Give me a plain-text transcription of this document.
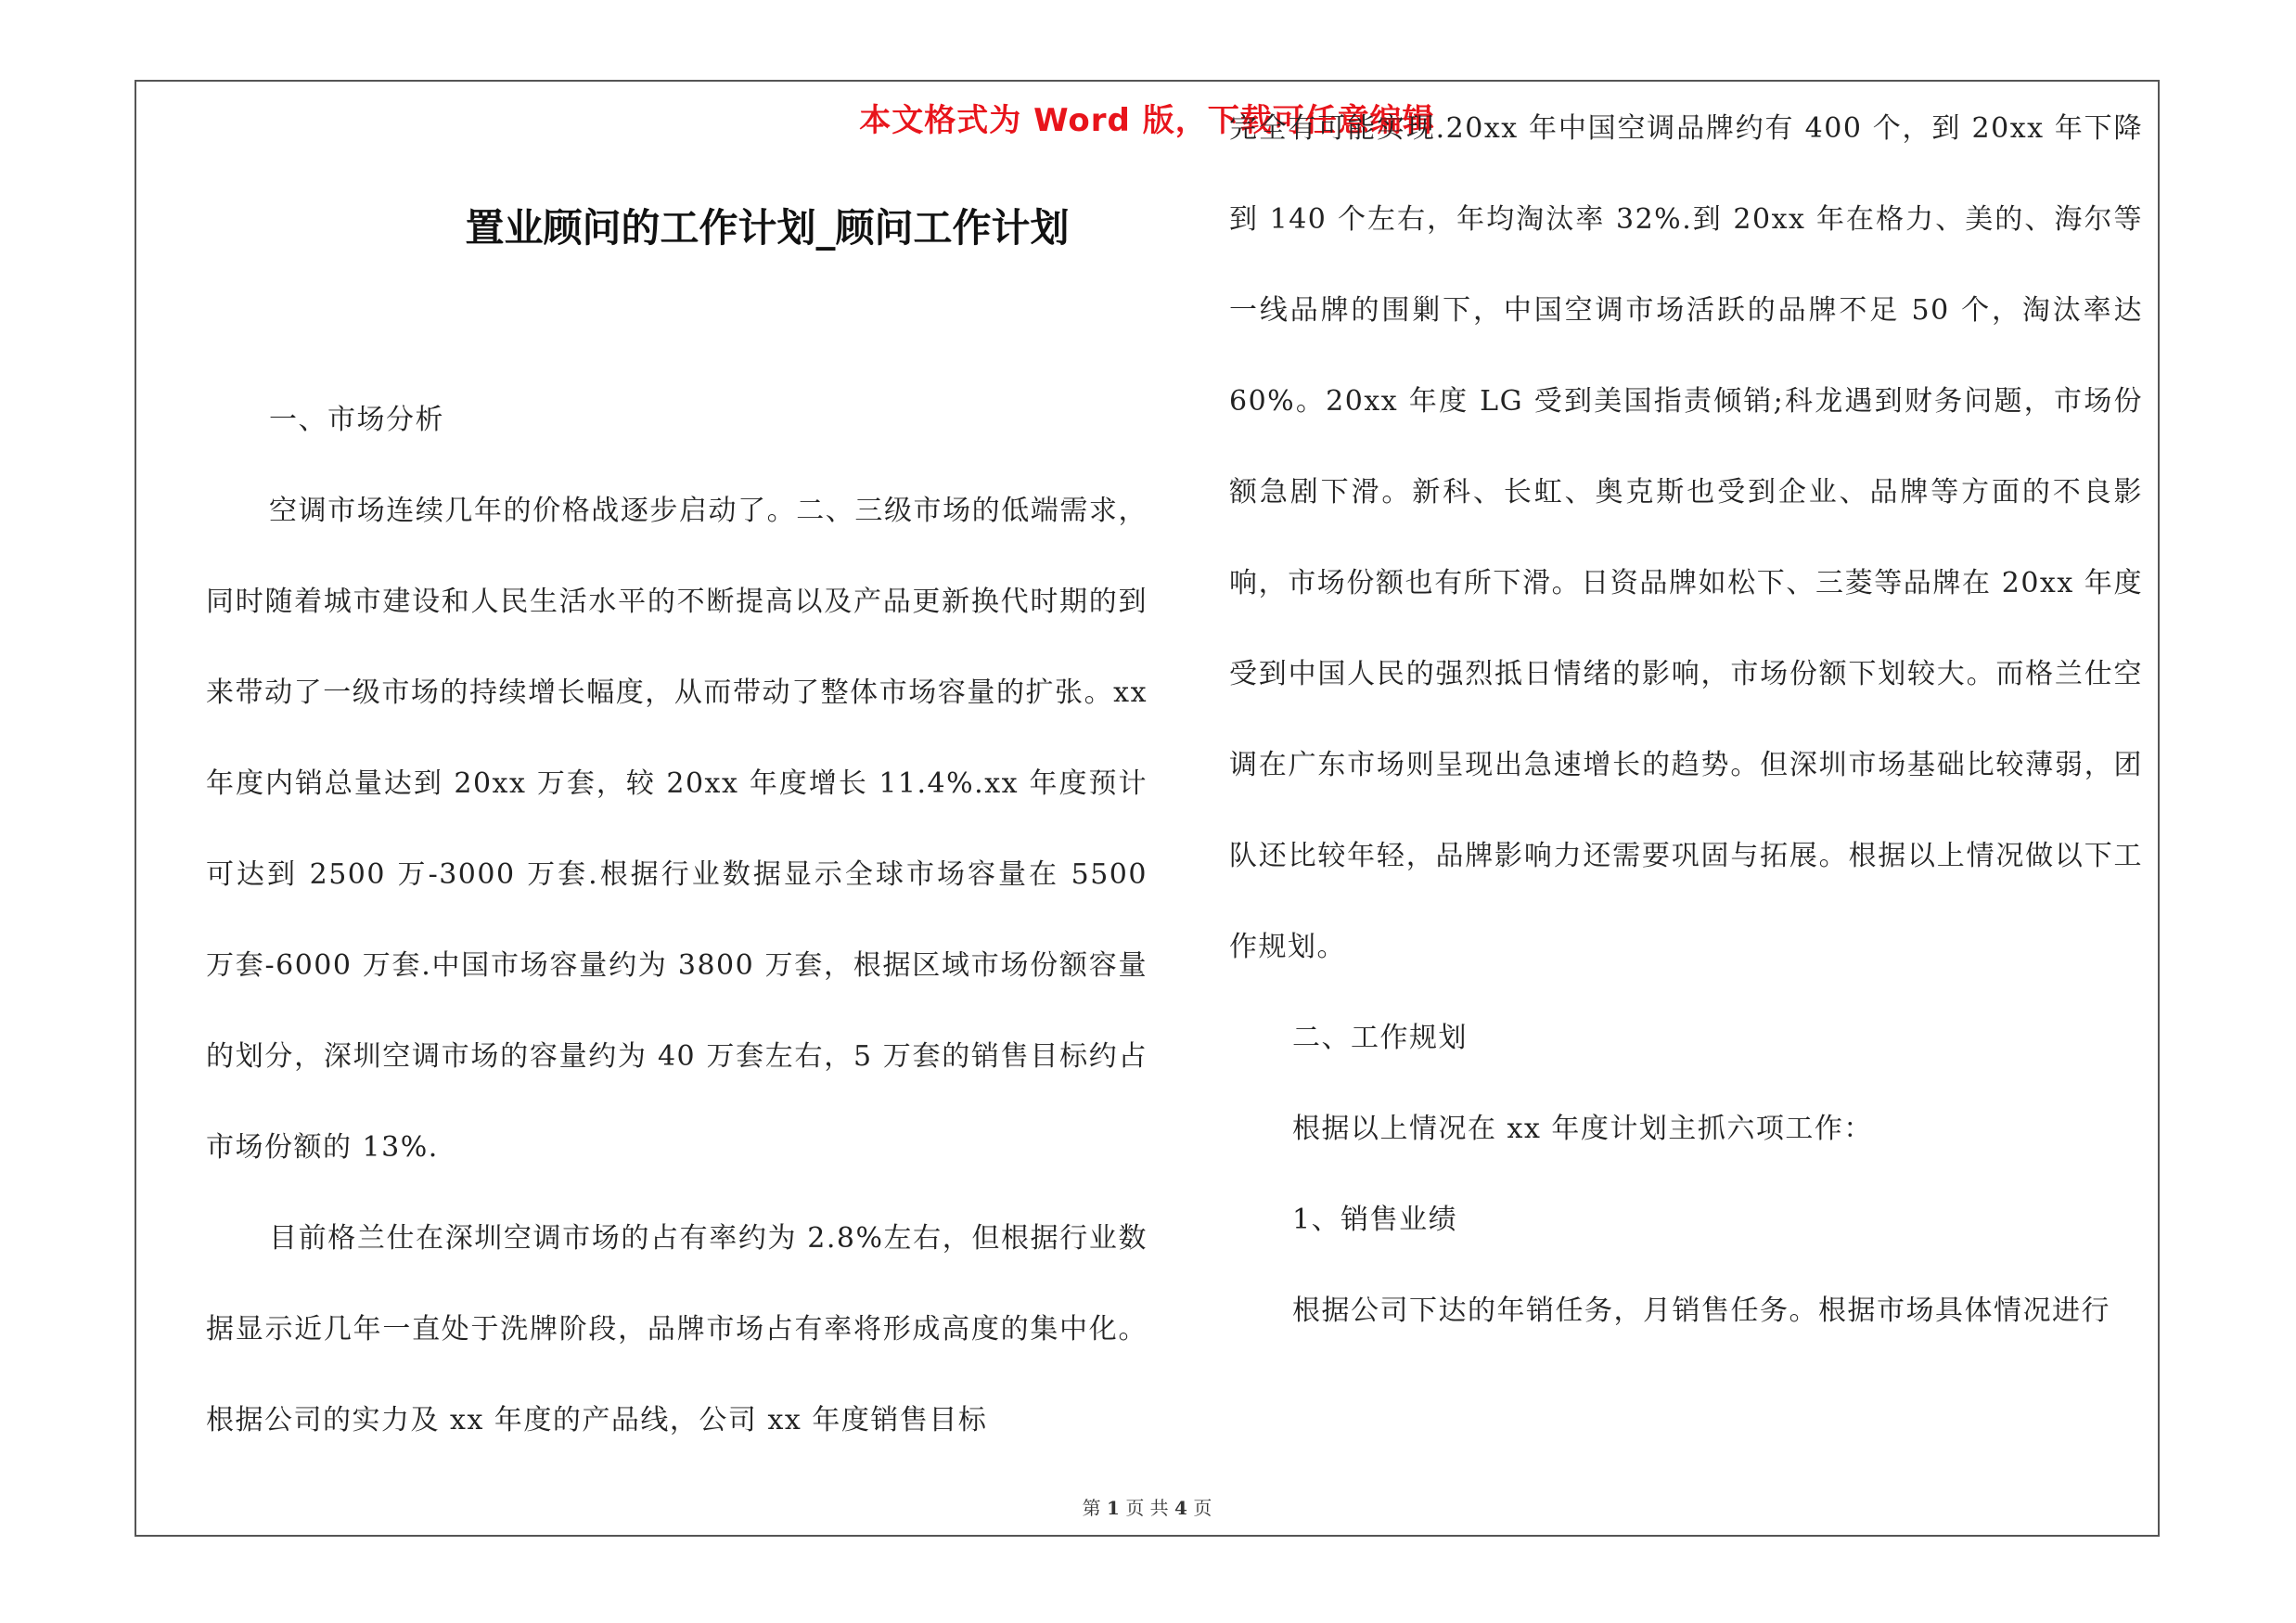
本文格式为 Word 版，下载可任意编辑
置业顾问的工作计划_顾问工作计划

一、市场分析

空调市场连续几年的价格战逐步启动了。二、三级市场的低端需求，同时随着城市建设和人民生活水平的不断提高以及产品更新换代时期的到来带动了一级市场的持续增长幅度，从而带动了整体市场容量的扩张。xx 年度内销总量达到 20xx 万套，较 20xx 年度增长 11.4%.xx 年度预计可达到 2500 万-3000 万套.根据行业数据显示全球市场容量在 5500 万套-6000 万套.中国市场容量约为 3800 万套，根据区域市场份额容量的划分，深圳空调市场的容量约为 40 万套左右，5 万套的销售目标约占市场份额的 13%.

目前格兰仕在深圳空调市场的占有率约为 2.8%左右，但根据行业数据显示近几年一直处于洗牌阶段，品牌市场占有率将形成高度的集中化。根据公司的实力及 xx 年度的产品线，公司 xx 年度销售目标

完全有可能实现.20xx 年中国空调品牌约有 400 个，到 20xx 年下降到 140 个左右，年均淘汰率 32%.到 20xx 年在格力、美的、海尔等一线品牌的围剿下，中国空调市场活跃的品牌不足 50 个，淘汰率达 60%。20xx 年度 LG 受到美国指责倾销;科龙遇到财务问题，市场份额急剧下滑。新科、长虹、奥克斯也受到企业、品牌等方面的不良影响，市场份额也有所下滑。日资品牌如松下、三菱等品牌在 20xx 年度受到中国人民的强烈抵日情绪的影响，市场份额下划较大。而格兰仕空调在广东市场则呈现出急速增长的趋势。但深圳市场基础比较薄弱，团队还比较年轻，品牌影响力还需要巩固与拓展。根据以上情况做以下工作规划。

二、工作规划

根据以上情况在 xx 年度计划主抓六项工作：

1、销售业绩

根据公司下达的年销任务，月销售任务。根据市场具体情况进行

第 1 页 共 4 页
